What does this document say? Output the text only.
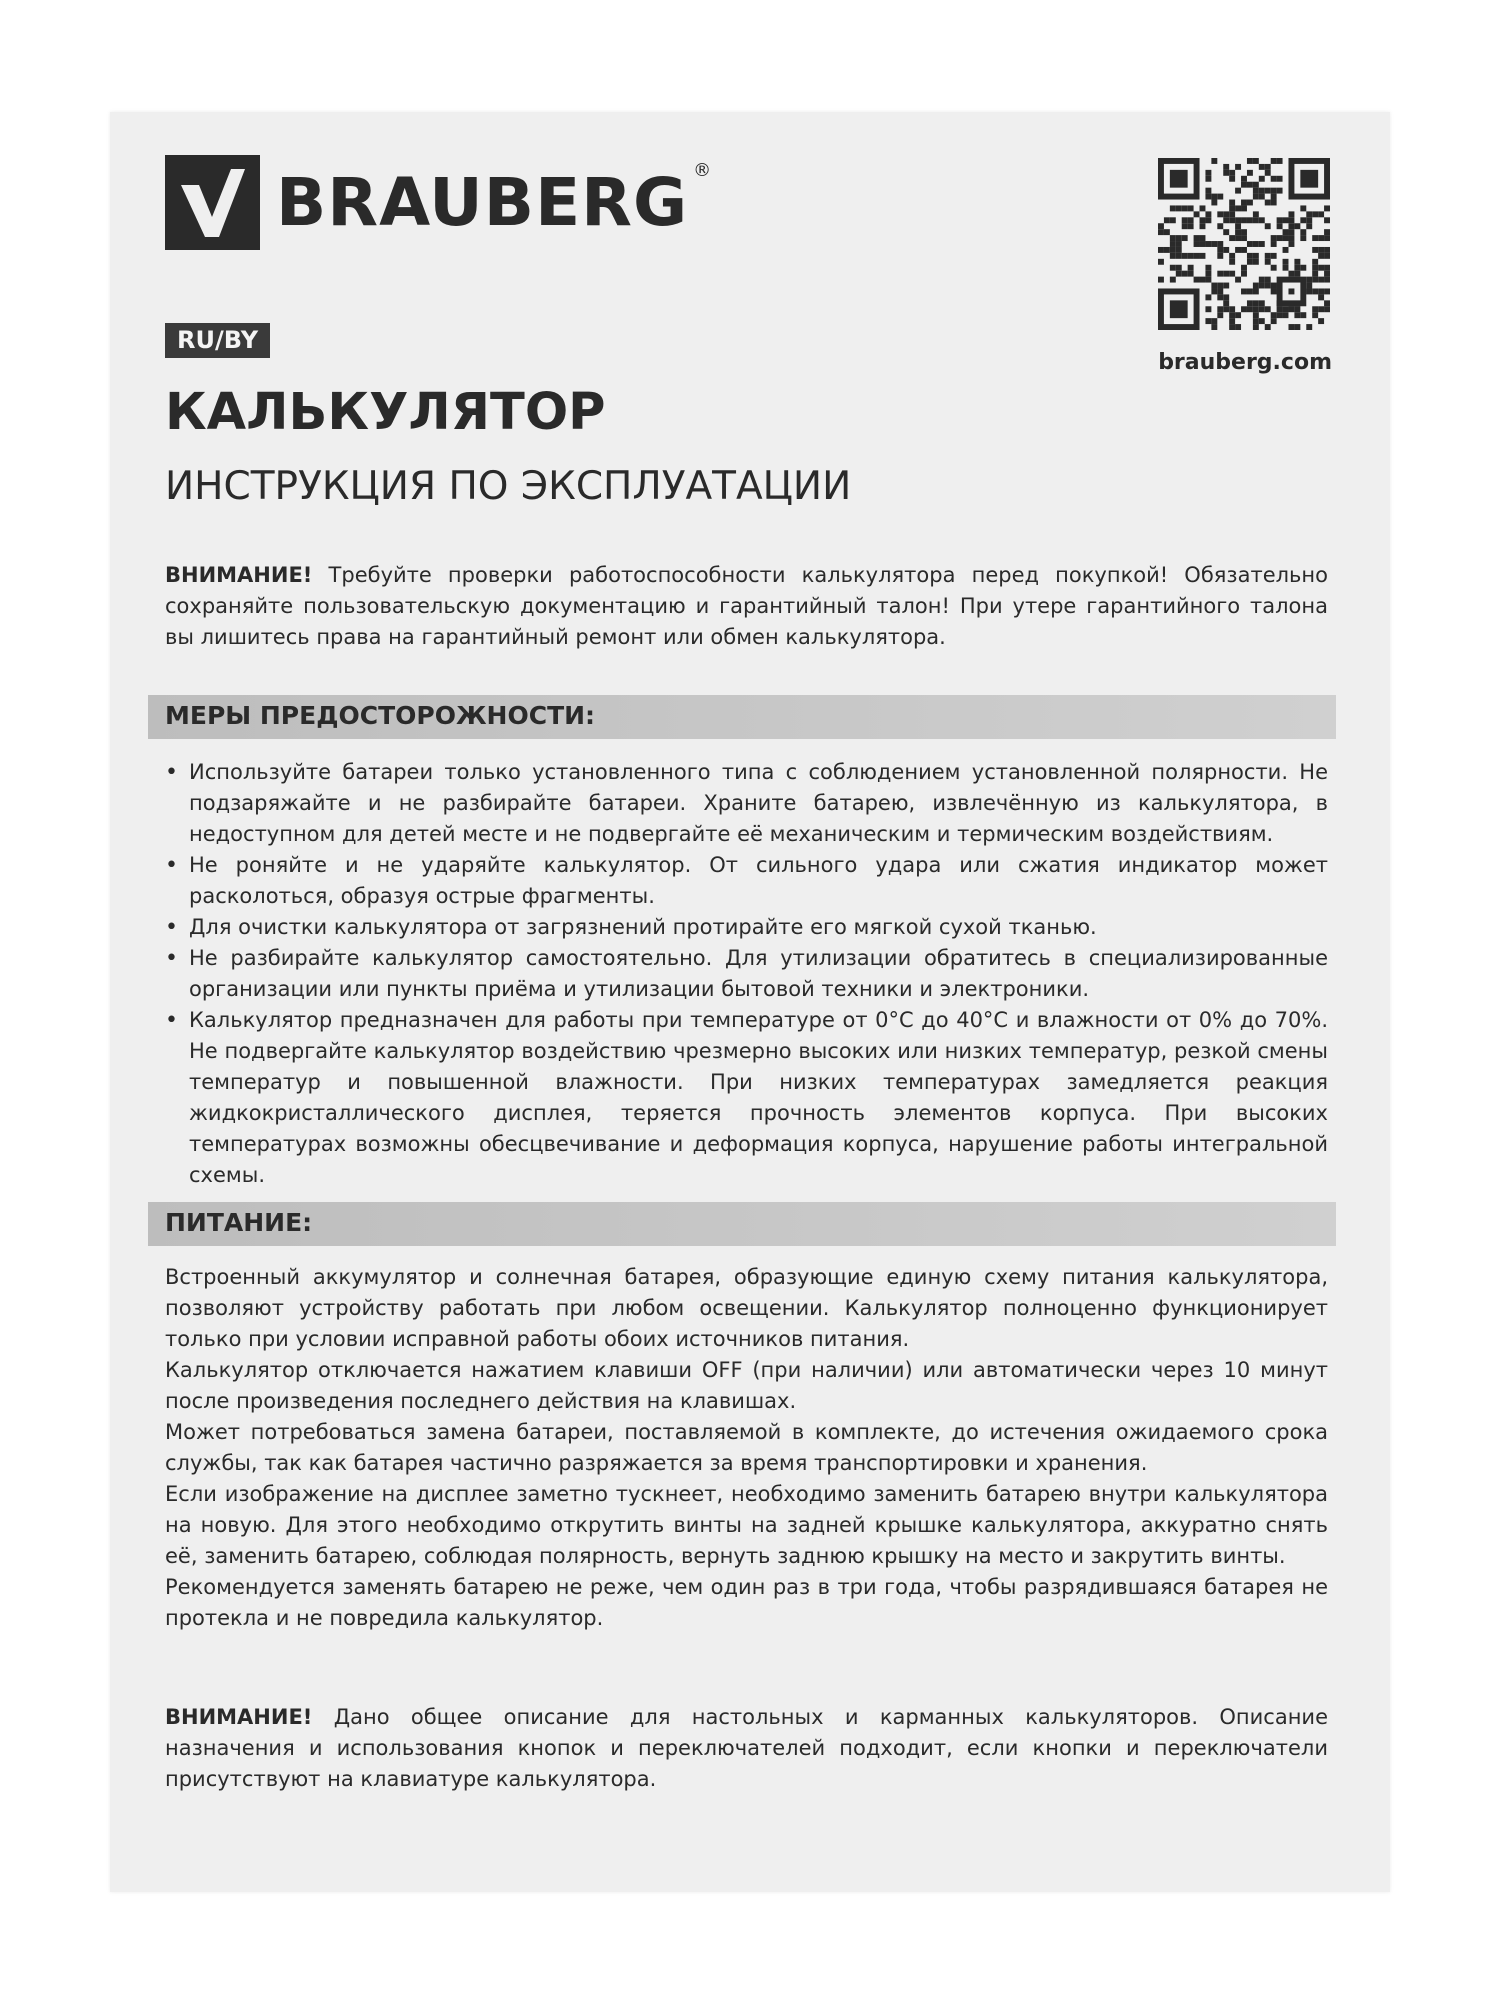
BRAUBERG ®
brauberg.com
RU/BY
КАЛЬКУЛЯТОР
ИНСТРУКЦИЯ ПО ЭКСПЛУАТАЦИИ

ВНИМАНИЕ! Требуйте проверки работоспособности калькулятора перед покупкой! Обязательно сохраняйте пользовательскую документацию и гарантийный талон! При утере гарантийного талона вы лишитесь права на гарантийный ремонт или обмен калькулятора.

МЕРЫ ПРЕДОСТОРОЖНОСТИ:
• Используйте батареи только установленного типа с соблюдением установленной полярности. Не подзаряжайте и не разбирайте батареи. Храните батарею, извлечённую из калькулятора, в недоступном для детей месте и не подвергайте её механическим и термическим воздействиям.
• Не роняйте и не ударяйте калькулятор. От сильного удара или сжатия индикатор может расколоться, образуя острые фрагменты.
• Для очистки калькулятора от загрязнений протирайте его мягкой сухой тканью.
• Не разбирайте калькулятор самостоятельно. Для утилизации обратитесь в специализированные организации или пункты приёма и утилизации бытовой техники и электроники.
• Калькулятор предназначен для работы при температуре от 0°C до 40°C и влажности от 0% до 70%. Не подвергайте калькулятор воздействию чрезмерно высоких или низких температур, резкой смены температур и повышенной влажности. При низких температурах замедляется реакция жидкокристаллического дисплея, теряется прочность элементов корпуса. При высоких температурах возможны обесцвечивание и деформация корпуса, нарушение работы интегральной схемы.
ПИТАНИЕ:

Встроенный аккумулятор и солнечная батарея, образующие единую схему питания калькулятора, позволяют устройству работать при любом освещении. Калькулятор полноценно функционирует только при условии исправной работы обоих источников питания.

Калькулятор отключается нажатием клавиши OFF (при наличии) или автоматически через 10 минут после произведения последнего действия на клавишах.

Может потребоваться замена батареи, поставляемой в комплекте, до истечения ожидаемого срока службы, так как батарея частично разряжается за время транспортировки и хранения.

Если изображение на дисплее заметно тускнеет, необходимо заменить батарею внутри калькулятора на новую. Для этого необходимо открутить винты на задней крышке калькулятора, аккуратно снять её, заменить батарею, соблюдая полярность, вернуть заднюю крышку на место и закрутить винты.

Рекомендуется заменять батарею не реже, чем один раз в три года, чтобы разрядившаяся батарея не протекла и не повредила калькулятор.

ВНИМАНИЕ! Дано общее описание для настольных и карманных калькуляторов. Описание назначения и использования кнопок и переключателей подходит, если кнопки и переключатели присутствуют на клавиатуре калькулятора.
